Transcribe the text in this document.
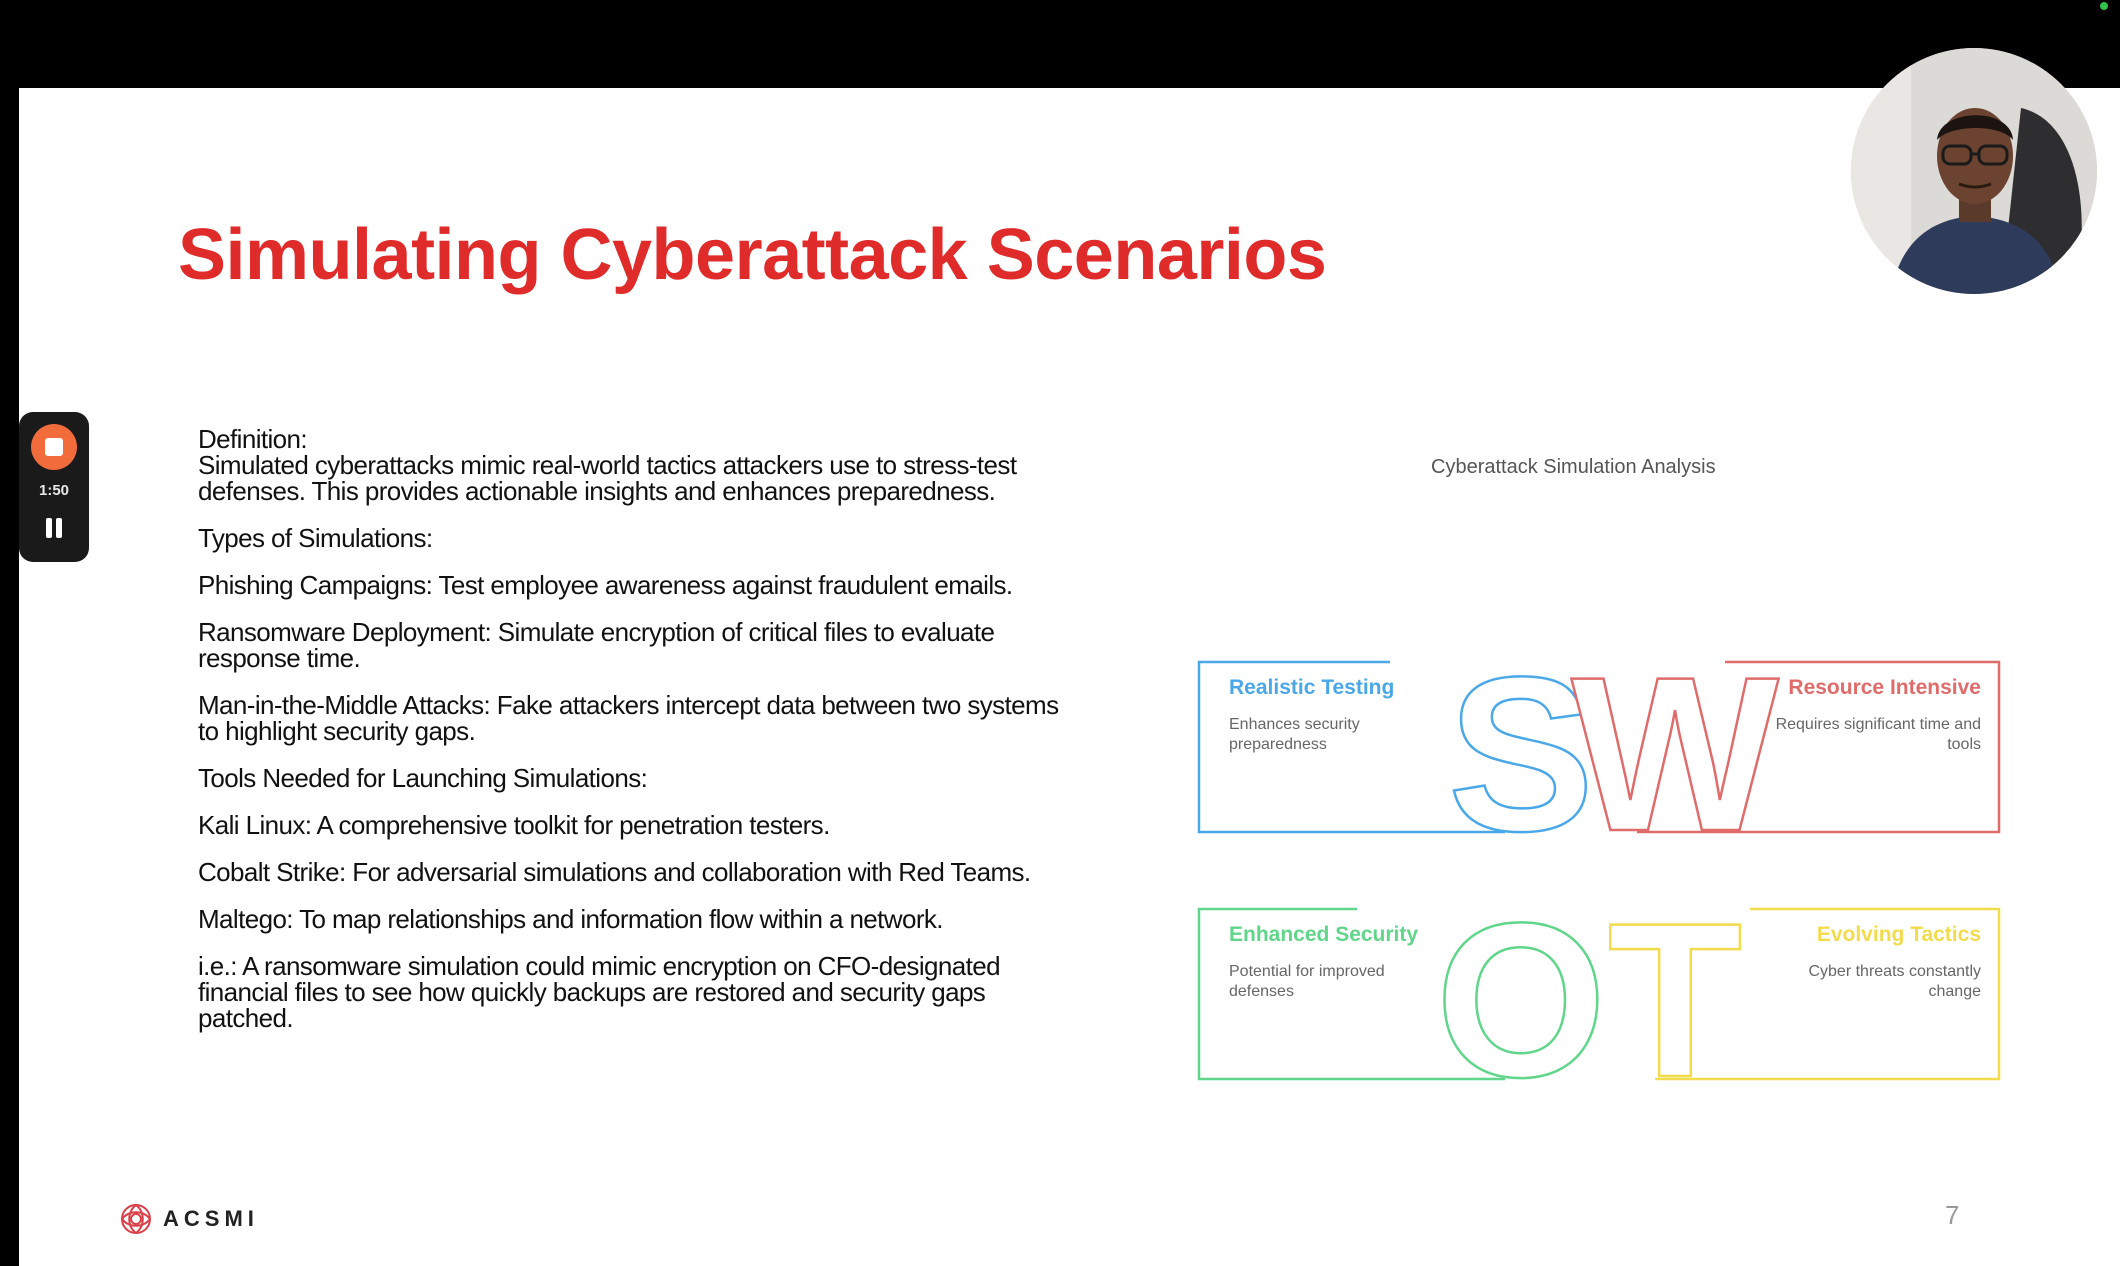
Simulating Cyberattack Scenarios

Definition:
Simulated cyberattacks mimic real-world tactics attackers use to stress-test defenses. This provides actionable insights and enhances preparedness.

Types of Simulations:

Phishing Campaigns: Test employee awareness against fraudulent emails.

Ransomware Deployment: Simulate encryption of critical files to evaluate response time.

Man-in-the-Middle Attacks: Fake attackers intercept data between two systems to highlight security gaps.

Tools Needed for Launching Simulations:

Kali Linux: A comprehensive toolkit for penetration testers.

Cobalt Strike: For adversarial simulations and collaboration with Red Teams.

Maltego: To map relationships and information flow within a network.

i.e.: A ransomware simulation could mimic encryption on CFO-designated financial files to see how quickly backups are restored and security gaps patched.

Cyberattack Simulation Analysis
S
Realistic Testing
Enhances security
preparedness W Resource Intensive
Requires significant time and
tools
O
Enhanced Security
Potential for improved
defenses T	Evolving Tactics
Cyber threats constantly
change
ACSMI	7
1:50
